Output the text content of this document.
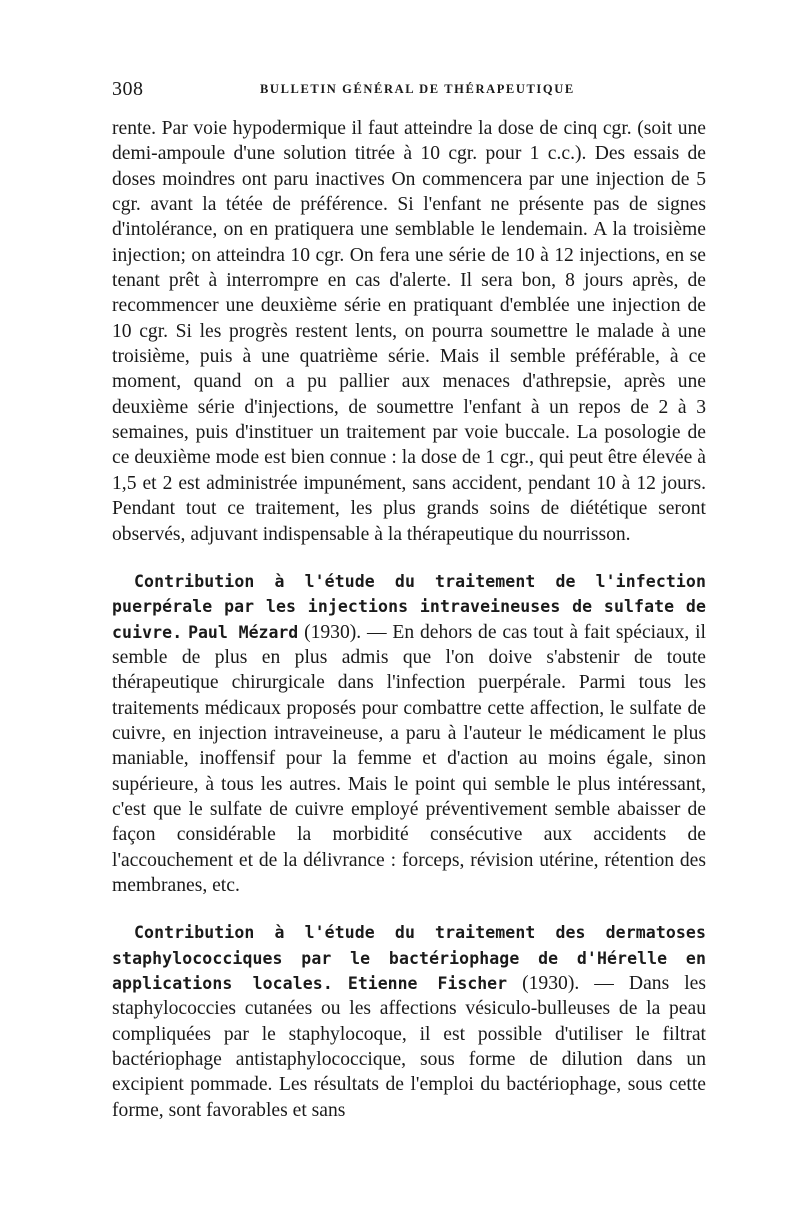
308	BULLETIN GÉNÉRAL DE THÉRAPEUTIQUE

rente. Par voie hypodermique il faut atteindre la dose de cinq cgr. (soit une demi-ampoule d'une solution titrée à 10 cgr. pour 1 c.c.). Des essais de doses moindres ont paru inactives On commencera par une injection de 5 cgr. avant la tétée de préférence. Si l'enfant ne présente pas de signes d'intolérance, on en pratiquera une semblable le lendemain. A la troisième injection; on atteindra 10 cgr. On fera une série de 10 à 12 injections, en se tenant prêt à interrompre en cas d'alerte. Il sera bon, 8 jours après, de recommencer une deuxième série en pratiquant d'emblée une injection de 10 cgr. Si les progrès restent lents, on pourra soumettre le malade à une troisième, puis à une quatrième série. Mais il semble préférable, à ce moment, quand on a pu pallier aux menaces d'athrepsie, après une deuxième série d'injections, de soumettre l'enfant à un repos de 2 à 3 semaines, puis d'instituer un traitement par voie buccale. La posologie de ce deuxième mode est bien connue : la dose de 1 cgr., qui peut être élevée à 1,5 et 2 est administrée impunément, sans accident, pendant 10 à 12 jours. Pendant tout ce traitement, les plus grands soins de diététique seront observés, adjuvant indispensable à la thérapeutique du nourrisson.

Contribution à l'étude du traitement de l'infection puerpérale par les injections intraveineuses de sulfate de cuivre. Paul Mézard (1930). — En dehors de cas tout à fait spéciaux, il semble de plus en plus admis que l'on doive s'abstenir de toute thérapeutique chirurgicale dans l'infection puerpérale. Parmi tous les traitements médicaux proposés pour combattre cette affection, le sulfate de cuivre, en injection intraveineuse, a paru à l'auteur le médicament le plus maniable, inoffensif pour la femme et d'action au moins égale, sinon supérieure, à tous les autres. Mais le point qui semble le plus intéressant, c'est que le sulfate de cuivre employé préventivement semble abaisser de façon considérable la morbidité consécutive aux accidents de l'accouchement et de la délivrance : forceps, révision utérine, rétention des membranes, etc.

Contribution à l'étude du traitement des dermatoses staphylococciques par le bactériophage de d'Hérelle en applications locales. Etienne Fischer (1930). — Dans les staphylococcies cutanées ou les affections vésiculo-bulleuses de la peau compliquées par le staphylocoque, il est possible d'utiliser le filtrat bactériophage antistaphylococcique, sous forme de dilution dans un excipient pommade. Les résultats de l'emploi du bactériophage, sous cette forme, sont favorables et sans
